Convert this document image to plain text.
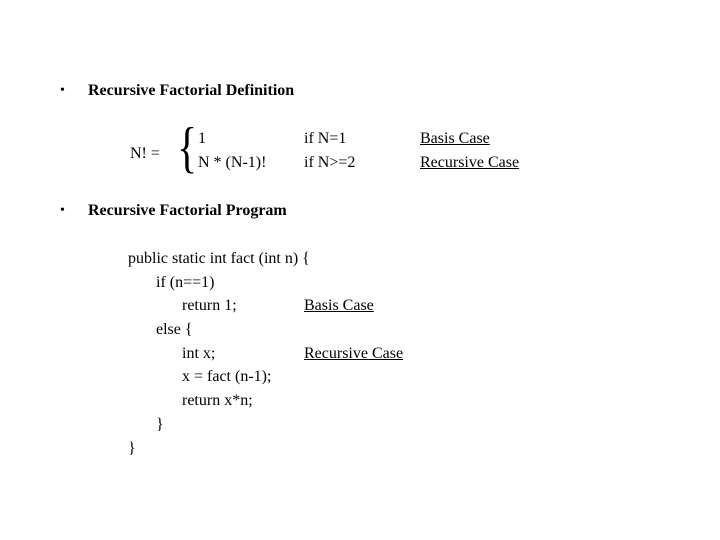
• Recursive Factorial Definition
N! = { 1
N * (N-1)!
if N=1
if N>=2
Basis Case
Recursive Case
• Recursive Factorial Program
public static int fact (int n) {
if (n==1)
return 1;
else {
int x;
x = fact (n-1);
return x*n;
}
}
Basis Case
Recursive Case
